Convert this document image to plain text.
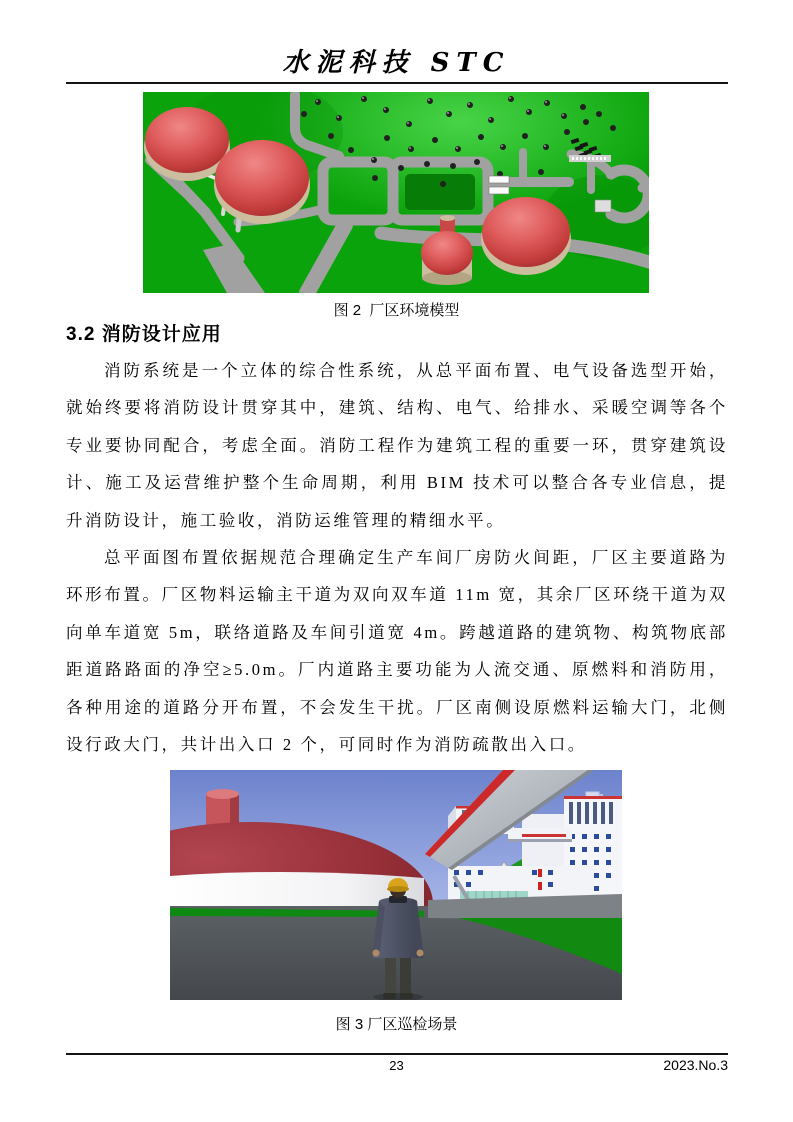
水泥科技 STC
图 2  厂区环境模型
3.2 消防设计应用

消防系统是一个立体的综合性系统，从总平面布置、电气设备选型开始，就始终要将消防设计贯穿其中，建筑、结构、电气、给排水、采暖空调等各个专业要协同配合，考虑全面。消防工程作为建筑工程的重要一环，贯穿建筑设计、施工及运营维护整个生命周期，利用 BIM 技术可以整合各专业信息，提升消防设计，施工验收，消防运维管理的精细水平。

总平面图布置依据规范合理确定生产车间厂房防火间距，厂区主要道路为环形布置。厂区物料运输主干道为双向双车道 11m 宽，其余厂区环绕干道为双向单车道宽 5m，联络道路及车间引道宽 4m。跨越道路的建筑物、构筑物底部距道路路面的净空≥5.0m。厂内道路主要功能为人流交通、原燃料和消防用，各种用途的道路分开布置，不会发生干扰。厂区南侧设原燃料运输大门，北侧设行政大门，共计出入口 2 个，可同时作为消防疏散出入口。

图 3 厂区巡检场景
23	2023.No.3
